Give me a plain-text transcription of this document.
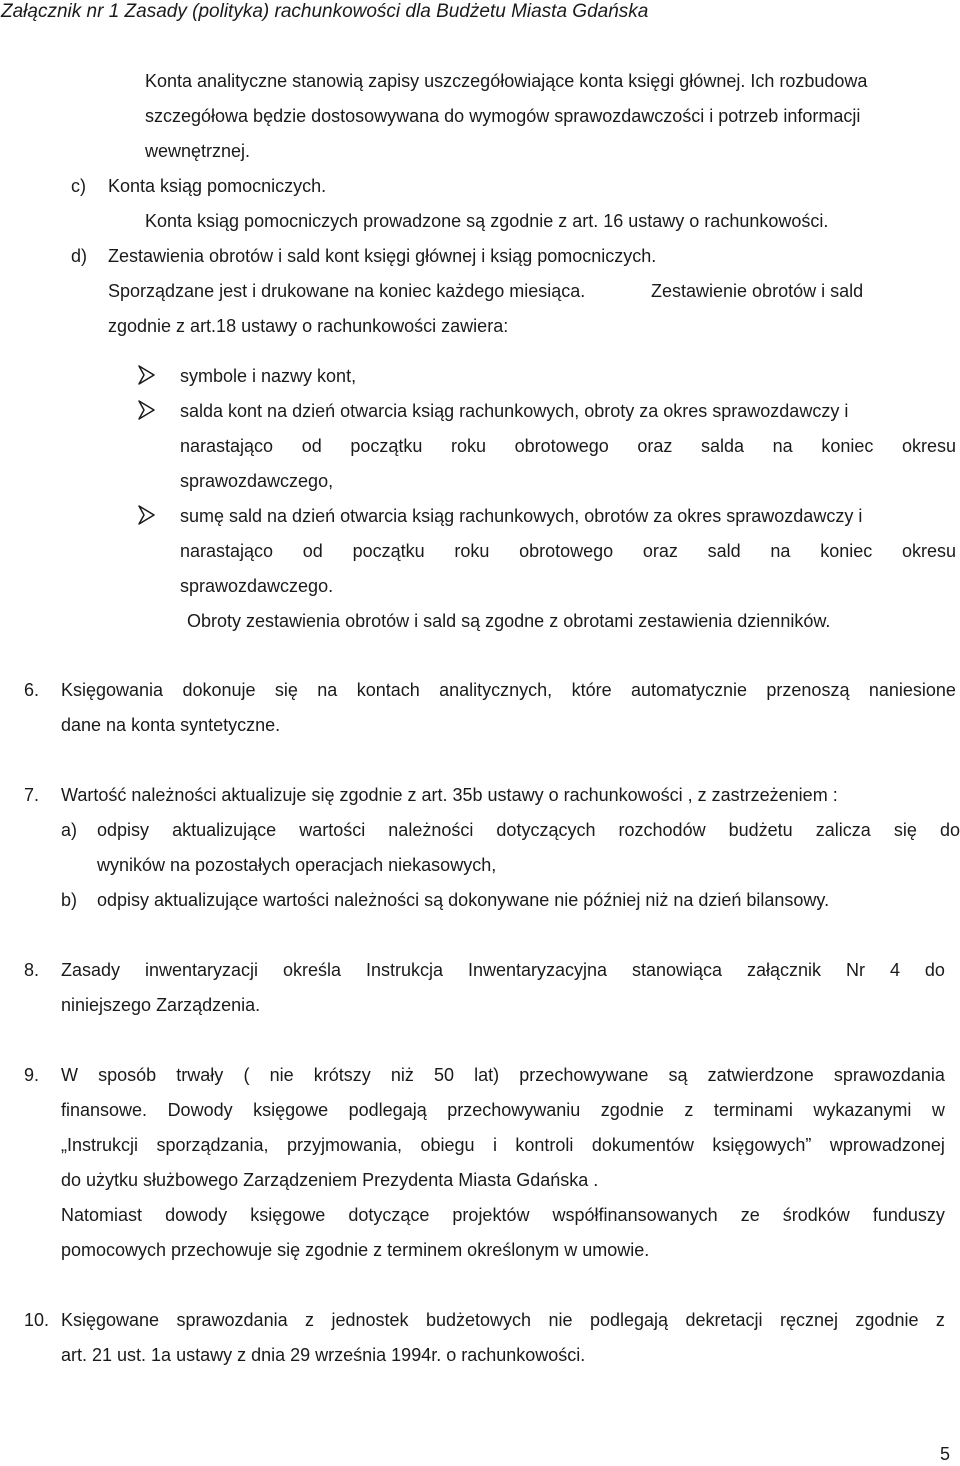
Załącznik nr 1 Zasady (polityka) rachunkowości dla Budżetu Miasta Gdańska
Konta analityczne stanowią zapisy uszczegółowiające konta księgi głównej. Ich rozbudowa
szczegółowa będzie dostosowywana do wymogów sprawozdawczości i potrzeb informacji
wewnętrznej.
c) Konta ksiąg pomocniczych.
Konta ksiąg pomocniczych prowadzone są zgodnie z art. 16 ustawy o rachunkowości.
d) Zestawienia obrotów i sald kont księgi głównej i ksiąg pomocniczych.
Sporządzane jest i drukowane na koniec każdego miesiąca.	Zestawienie obrotów i sald
zgodnie z art.18 ustawy o rachunkowości zawiera:
symbole i nazwy kont,
salda kont na dzień otwarcia ksiąg rachunkowych, obroty za okres sprawozdawczy i
narastająco od początku roku obrotowego oraz salda na koniec okresu
sprawozdawczego,
sumę sald na dzień otwarcia ksiąg rachunkowych, obrotów za okres sprawozdawczy i
narastająco od początku roku obrotowego oraz sald na koniec okresu
sprawozdawczego.
Obroty zestawienia obrotów i sald są zgodne z obrotami zestawienia dzienników.
6. Księgowania dokonuje się na kontach analitycznych, które automatycznie przenoszą naniesione
dane na konta syntetyczne.
7. Wartość należności aktualizuje się zgodnie z art. 35b ustawy o rachunkowości , z zastrzeżeniem :
a) odpisy aktualizujące wartości należności dotyczących rozchodów budżetu zalicza się do
wyników na pozostałych operacjach niekasowych,
b) odpisy aktualizujące wartości należności są dokonywane nie później niż na dzień bilansowy.
8. Zasady inwentaryzacji określa Instrukcja Inwentaryzacyjna stanowiąca załącznik Nr 4 do
niniejszego Zarządzenia.
9. W sposób trwały ( nie krótszy niż 50 lat) przechowywane są zatwierdzone sprawozdania
finansowe. Dowody księgowe podlegają przechowywaniu zgodnie z terminami wykazanymi w
„Instrukcji sporządzania, przyjmowania, obiegu i kontroli dokumentów księgowych” wprowadzonej
do użytku służbowego Zarządzeniem Prezydenta Miasta Gdańska .
Natomiast dowody księgowe dotyczące projektów współfinansowanych ze środków funduszy
pomocowych przechowuje się zgodnie z terminem określonym w umowie.
10. Księgowane sprawozdania z jednostek budżetowych nie podlegają dekretacji ręcznej zgodnie z
art. 21 ust. 1a ustawy z dnia 29 września 1994r. o rachunkowości.
5
